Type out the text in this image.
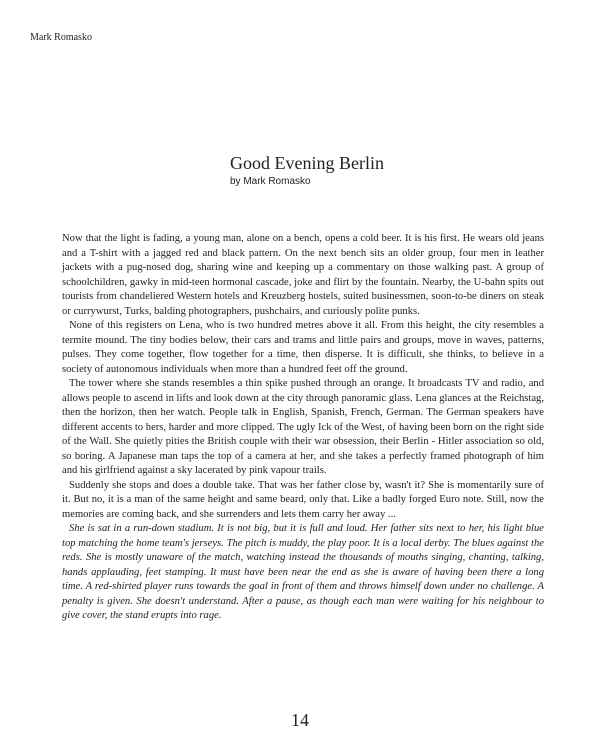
Mark Romasko
Good Evening Berlin
by Mark Romasko

Now that the light is fading, a young man, alone on a bench, opens a cold beer. It is his first. He wears old jeans and a T-shirt with a jagged red and black pattern. On the next bench sits an older group, four men in leather jackets with a pug-nosed dog, sharing wine and keeping up a commentary on those walking past. A group of schoolchildren, gawky in mid-teen hormonal cascade, joke and flirt by the fountain. Nearby, the U-bahn spits out tourists from chandeliered Western hotels and Kreuzberg hostels, suited businessmen, soon-to-be diners on steak or currywurst, Turks, balding photographers, pushchairs, and curiously polite punks.

None of this registers on Lena, who is two hundred metres above it all. From this height, the city resembles a termite mound. The tiny bodies below, their cars and trams and little pairs and groups, move in waves, patterns, pulses. They come together, flow together for a time, then disperse. It is difficult, she thinks, to believe in a society of autonomous individuals when more than a hundred feet off the ground.

The tower where she stands resembles a thin spike pushed through an orange. It broadcasts TV and radio, and allows people to ascend in lifts and look down at the city through panoramic glass. Lena glances at the Reichstag, then the horizon, then her watch. People talk in English, Spanish, French, German. The German speakers have different accents to hers, harder and more clipped. The ugly Ick of the West, of having been born on the right side of the Wall. She quietly pities the British couple with their war obsession, their Berlin - Hitler association so old, so boring. A Japanese man taps the top of a camera at her, and she takes a perfectly framed photograph of him and his girlfriend against a sky lacerated by pink vapour trails.

Suddenly she stops and does a double take. That was her father close by, wasn't it? She is momentarily sure of it. But no, it is a man of the same height and same beard, only that. Like a badly forged Euro note. Still, now the memories are coming back, and she surrenders and lets them carry her away ...

She is sat in a run-down stadium. It is not big, but it is full and loud. Her father sits next to her, his light blue top matching the home team's jerseys. The pitch is muddy, the play poor. It is a local derby. The blues against the reds. She is mostly unaware of the match, watching instead the thousands of mouths singing, chanting, talking, hands applauding, feet stamping. It must have been near the end as she is aware of having been there a long time. A red-shirted player runs towards the goal in front of them and throws himself down under no challenge. A penalty is given. She doesn't understand. After a pause, as though each man were waiting for his neighbour to give cover, the stand erupts into rage.

14
